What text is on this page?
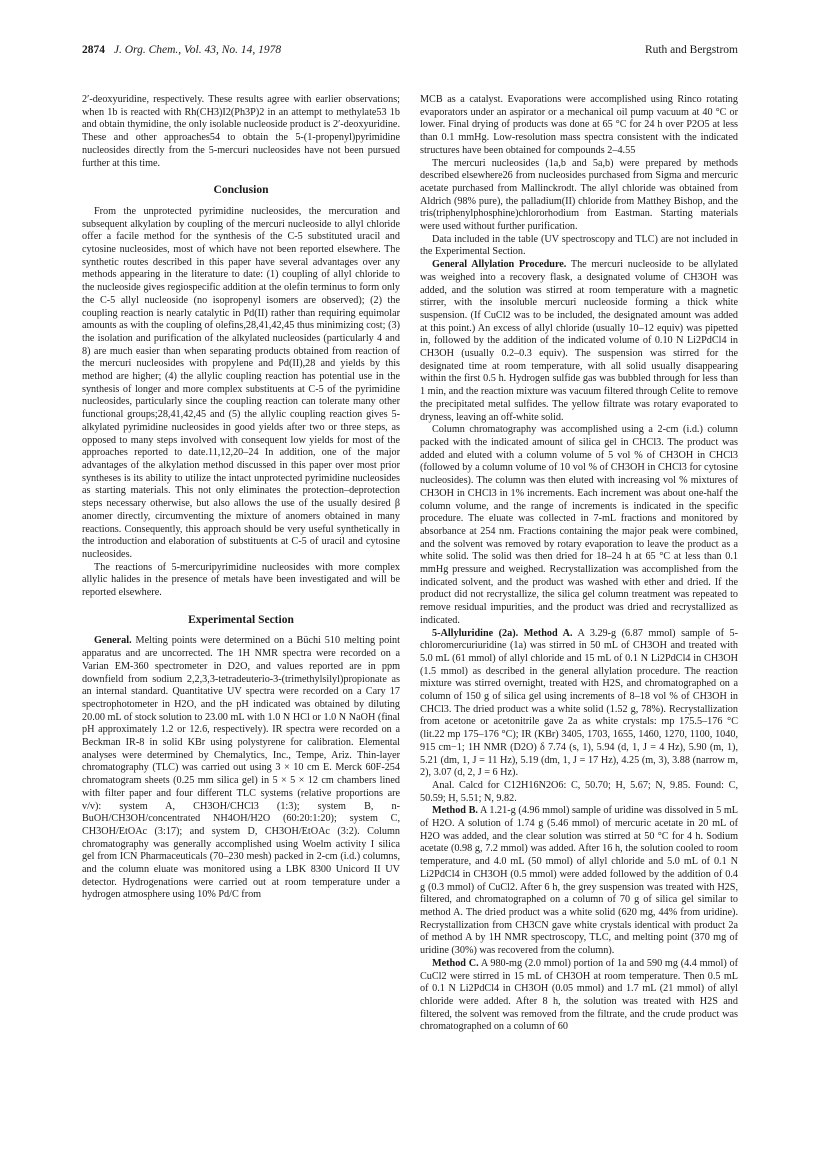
2874 J. Org. Chem., Vol. 43, No. 14, 1978	Ruth and Bergstrom

2′-deoxyuridine, respectively. These results agree with earlier observations; when 1b is reacted with Rh(CH3)I2(Ph3P)2 in an attempt to methylate53 1b and obtain thymidine, the only isolable nucleoside product is 2′-deoxyuridine. These and other approaches54 to obtain the 5-(1-propenyl)pyrimidine nucleosides directly from the 5-mercuri nucleosides have not been pursued further at this time.

Conclusion

From the unprotected pyrimidine nucleosides, the mercuration and subsequent alkylation by coupling of the mercuri nucleoside to allyl chloride offer a facile method for the synthesis of the C-5 substituted uracil and cytosine nucleosides, most of which have not been reported elsewhere. The synthetic routes described in this paper have several advantages over any methods appearing in the literature to date: (1) coupling of allyl chloride to the nucleoside gives regiospecific addition at the olefin terminus to form only the C-5 allyl nucleoside (no isopropenyl isomers are observed); (2) the coupling reaction is nearly catalytic in Pd(II) rather than requiring equimolar amounts as with the coupling of olefins,28,41,42,45 thus minimizing cost; (3) the isolation and purification of the alkylated nucleosides (particularly 4 and 8) are much easier than when separating products obtained from reaction of the mercuri nucleosides with propylene and Pd(II),28 and yields by this method are higher; (4) the allylic coupling reaction has potential use in the synthesis of longer and more complex substituents at C-5 of the pyrimidine nucleosides, particularly since the coupling reaction can tolerate many other functional groups;28,41,42,45 and (5) the allylic coupling reaction gives 5-alkylated pyrimidine nucleosides in good yields after two or three steps, as opposed to many steps involved with consequent low yields for most of the approaches reported to date.11,12,20–24 In addition, one of the major advantages of the alkylation method discussed in this paper over most prior syntheses is its ability to utilize the intact unprotected pyrimidine nucleosides as starting materials. This not only eliminates the protection–deprotection steps necessary otherwise, but also allows the use of the usually desired β anomer directly, circumventing the mixture of anomers obtained in many reactions. Consequently, this approach should be very useful synthetically in the introduction and elaboration of substituents at C-5 of uracil and cytosine nucleosides.

The reactions of 5-mercuripyrimidine nucleosides with more complex allylic halides in the presence of metals have been investigated and will be reported elsewhere.

Experimental Section

General. Melting points were determined on a Büchi 510 melting point apparatus and are uncorrected. The 1H NMR spectra were recorded on a Varian EM-360 spectrometer in D2O, and values reported are in ppm downfield from sodium 2,2,3,3-tetradeuterio-3-(trimethylsilyl)propionate as an internal standard. Quantitative UV spectra were recorded on a Cary 17 spectrophotometer in H2O, and the pH indicated was obtained by diluting 20.00 mL of stock solution to 23.00 mL with 1.0 N HCl or 1.0 N NaOH (final pH approximately 1.2 or 12.6, respectively). IR spectra were recorded on a Beckman IR-8 in solid KBr using polystyrene for calibration. Elemental analyses were determined by Chemalytics, Inc., Tempe, Ariz. Thin-layer chromatography (TLC) was carried out using 3 × 10 cm E. Merck 60F-254 chromatogram sheets (0.25 mm silica gel) in 5 × 5 × 12 cm chambers lined with filter paper and four different TLC systems (relative proportions are v/v): system A, CH3OH/CHCl3 (1:3); system B, n-BuOH/CH3OH/concentrated NH4OH/H2O (60:20:1:20); system C, CH3OH/EtOAc (3:17); and system D, CH3OH/EtOAc (3:2). Column chromatography was generally accomplished using Woelm activity I silica gel from ICN Pharmaceuticals (70–230 mesh) packed in 2-cm (i.d.) columns, and the column eluate was monitored using a LBK 8300 Unicord II UV detector. Hydrogenations were carried out at room temperature under a hydrogen atmosphere using 10% Pd/C from

MCB as a catalyst. Evaporations were accomplished using Rinco rotating evaporators under an aspirator or a mechanical oil pump vacuum at 40 °C or lower. Final drying of products was done at 65 °C for 24 h over P2O5 at less than 0.1 mmHg. Low-resolution mass spectra consistent with the indicated structures have been obtained for compounds 2–4.55

The mercuri nucleosides (1a,b and 5a,b) were prepared by methods described elsewhere26 from nucleosides purchased from Sigma and mercuric acetate purchased from Mallinckrodt. The allyl chloride was obtained from Aldrich (98% pure), the palladium(II) chloride from Matthey Bishop, and the tris(triphenylphosphine)chlororhodium from Eastman. Starting materials were used without further purification.

Data included in the table (UV spectroscopy and TLC) are not included in the Experimental Section.

General Allylation Procedure. The mercuri nucleoside to be allylated was weighed into a recovery flask, a designated volume of CH3OH was added, and the solution was stirred at room temperature with a magnetic stirrer, with the insoluble mercuri nucleoside forming a thick white suspension. (If CuCl2 was to be included, the designated amount was added at this point.) An excess of allyl chloride (usually 10–12 equiv) was pipetted in, followed by the addition of the indicated volume of 0.10 N Li2PdCl4 in CH3OH (usually 0.2–0.3 equiv). The suspension was stirred for the designated time at room temperature, with all solid usually disappearing within the first 0.5 h. Hydrogen sulfide gas was bubbled through for less than 1 min, and the reaction mixture was vacuum filtered through Celite to remove the precipitated metal sulfides. The yellow filtrate was rotary evaporated to dryness, leaving an off-white solid.

Column chromatography was accomplished using a 2-cm (i.d.) column packed with the indicated amount of silica gel in CHCl3. The product was added and eluted with a column volume of 5 vol % of CH3OH in CHCl3 (followed by a column volume of 10 vol % of CH3OH in CHCl3 for cytosine nucleosides). The column was then eluted with increasing vol % mixtures of CH3OH in CHCl3 in 1% increments. Each increment was about one-half the column volume, and the range of increments is indicated in the specific procedure. The eluate was collected in 7-mL fractions and monitored by absorbance at 254 nm. Fractions containing the major peak were combined, and the solvent was removed by rotary evaporation to leave the product as a white solid. The solid was then dried for 18–24 h at 65 °C at less than 0.1 mmHg pressure and weighed. Recrystallization was accomplished from the indicated solvent, and the product was washed with ether and dried. If the product did not recrystallize, the silica gel column treatment was repeated to remove residual impurities, and the product was dried and recrystallized as indicated.

5-Allyluridine (2a). Method A. A 3.29-g (6.87 mmol) sample of 5-chloromercuriuridine (1a) was stirred in 50 mL of CH3OH and treated with 5.0 mL (61 mmol) of allyl chloride and 15 mL of 0.1 N Li2PdCl4 in CH3OH (1.5 mmol) as described in the general allylation procedure. The reaction mixture was stirred overnight, treated with H2S, and chromatographed on a column of 150 g of silica gel using increments of 8–18 vol % of CH3OH in CHCl3. The dried product was a white solid (1.52 g, 78%). Recrystallization from acetone or acetonitrile gave 2a as white crystals: mp 175.5–176 °C (lit.22 mp 175–176 °C); IR (KBr) 3405, 1703, 1655, 1460, 1270, 1100, 1040, 915 cm−1; 1H NMR (D2O) δ 7.74 (s, 1), 5.94 (d, 1, J = 4 Hz), 5.90 (m, 1), 5.21 (dm, 1, J = 11 Hz), 5.19 (dm, 1, J = 17 Hz), 4.25 (m, 3), 3.88 (narrow m, 2), 3.07 (d, 2, J = 6 Hz).

Anal. Calcd for C12H16N2O6: C, 50.70; H, 5.67; N, 9.85. Found: C, 50.59; H, 5.51; N, 9.82.

Method B. A 1.21-g (4.96 mmol) sample of uridine was dissolved in 5 mL of H2O. A solution of 1.74 g (5.46 mmol) of mercuric acetate in 20 mL of H2O was added, and the clear solution was stirred at 50 °C for 4 h. Sodium acetate (0.98 g, 7.2 mmol) was added. After 16 h, the solution cooled to room temperature, and 4.0 mL (50 mmol) of allyl chloride and 5.0 mL of 0.1 N Li2PdCl4 in CH3OH (0.5 mmol) were added followed by the addition of 0.4 g (0.3 mmol) of CuCl2. After 6 h, the grey suspension was treated with H2S, filtered, and chromatographed on a column of 70 g of silica gel similar to method A. The dried product was a white solid (620 mg, 44% from uridine). Recrystallization from CH3CN gave white crystals identical with product 2a of method A by 1H NMR spectroscopy, TLC, and melting point (370 mg of uridine (30%) was recovered from the column).

Method C. A 980-mg (2.0 mmol) portion of 1a and 590 mg (4.4 mmol) of CuCl2 were stirred in 15 mL of CH3OH at room temperature. Then 0.5 mL of 0.1 N Li2PdCl4 in CH3OH (0.05 mmol) and 1.7 mL (21 mmol) of allyl chloride were added. After 8 h, the solution was treated with H2S and filtered, the solvent was removed from the filtrate, and the crude product was chromatographed on a column of 60
